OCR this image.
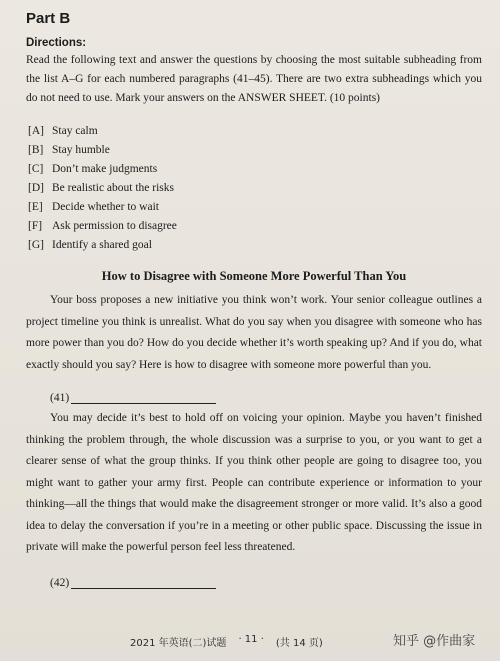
Part B
Directions:

Read the following text and answer the questions by choosing the most suitable subheading from the list A–G for each numbered paragraphs (41–45). There are two extra subheadings which you do not need to use. Mark your answers on the ANSWER SHEET. (10 points)

[A] Stay calm
[B] Stay humble
[C] Don’t make judgments
[D] Be realistic about the risks
[E] Decide whether to wait
[F] Ask permission to disagree
[G] Identify a shared goal
How to Disagree with Someone More Powerful Than You

Your boss proposes a new initiative you think won’t work. Your senior colleague outlines a project timeline you think is unrealist. What do you say when you disagree with someone who has more power than you do? How do you decide whether it’s worth speaking up? And if you do, what exactly should you say? Here is how to disagree with someone more powerful than you.

(41)

You may decide it’s best to hold off on voicing your opinion. Maybe you haven’t finished thinking the problem through, the whole discussion was a surprise to you, or you want to get a clearer sense of what the group thinks. If you think other people are going to disagree too, you might want to gather your army first. People can contribute experience or information to your thinking—all the things that would make the disagreement stronger or more valid. It’s also a good idea to delay the conversation if you’re in a meeting or other public space. Discussing the issue in private will make the powerful person feel less threatened.

(42)
2021 年英语(二)试题 · 11 · (共 14 页)	知乎 @作曲家
